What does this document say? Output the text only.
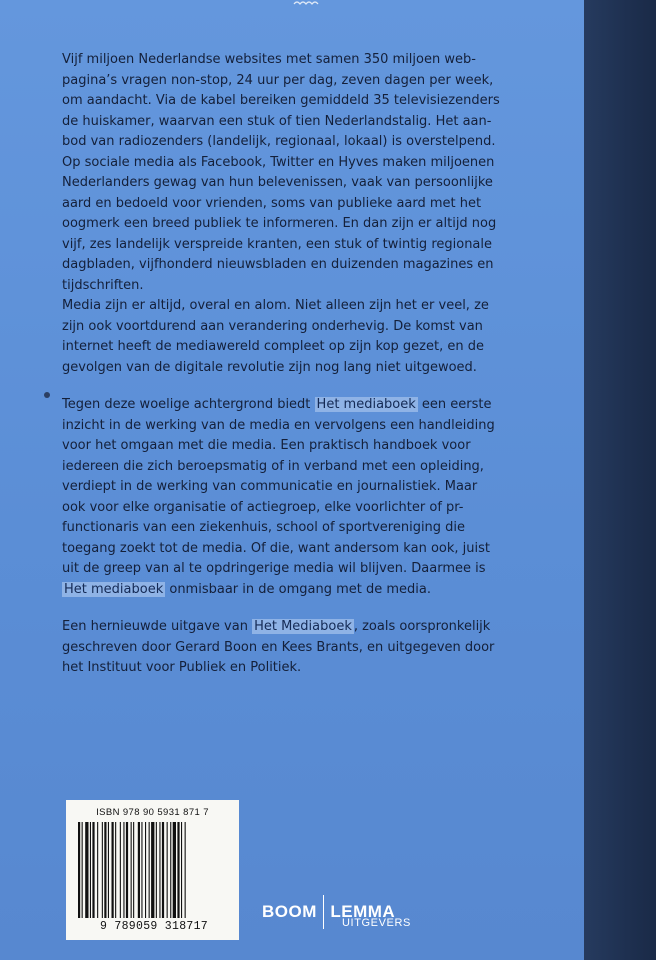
Vijf miljoen Nederlandse websites met samen 350 miljoen web-
pagina’s vragen non-stop, 24 uur per dag, zeven dagen per week,
om aandacht. Via de kabel bereiken gemiddeld 35 televisiezenders
de huiskamer, waarvan een stuk of tien Nederlandstalig. Het aan-
bod van radiozenders (landelijk, regionaal, lokaal) is overstelpend.
Op sociale media als Facebook, Twitter en Hyves maken miljoenen
Nederlanders gewag van hun belevenissen, vaak van persoonlijke
aard en bedoeld voor vrienden, soms van publieke aard met het
oogmerk een breed publiek te informeren. En dan zijn er altijd nog
vijf, zes landelijk verspreide kranten, een stuk of twintig regionale
dagbladen, vijfhonderd nieuwsbladen en duizenden magazines en
tijdschriften.

Media zijn er altijd, overal en alom. Niet alleen zijn het er veel, ze
zijn ook voortdurend aan verandering onderhevig. De komst van
internet heeft de mediawereld compleet op zijn kop gezet, en de
gevolgen van de digitale revolutie zijn nog lang niet uitgewoed.

Tegen deze woelige achtergrond biedt Het mediaboek een eerste
inzicht in de werking van de media en vervolgens een handleiding
voor het omgaan met die media. Een praktisch handboek voor
iedereen die zich beroepsmatig of in verband met een opleiding,
verdiept in de werking van communicatie en journalistiek. Maar
ook voor elke organisatie of actiegroep, elke voorlichter of pr-
functionaris van een ziekenhuis, school of sportvereniging die
toegang zoekt tot de media. Of die, want andersom kan ook, juist
uit de greep van al te opdringerige media wil blijven. Daarmee is
Het mediaboek onmisbaar in de omgang met de media.

Een hernieuwde uitgave van Het Mediaboek , zoals oorspronkelijk
geschreven door Gerard Boon en Kees Brants, en uitgegeven door
het Instituut voor Publiek en Politiek.

ISBN 978 90 5931 871 7
9 789059 318717
BOOM LEMMA
UITGEVERS
